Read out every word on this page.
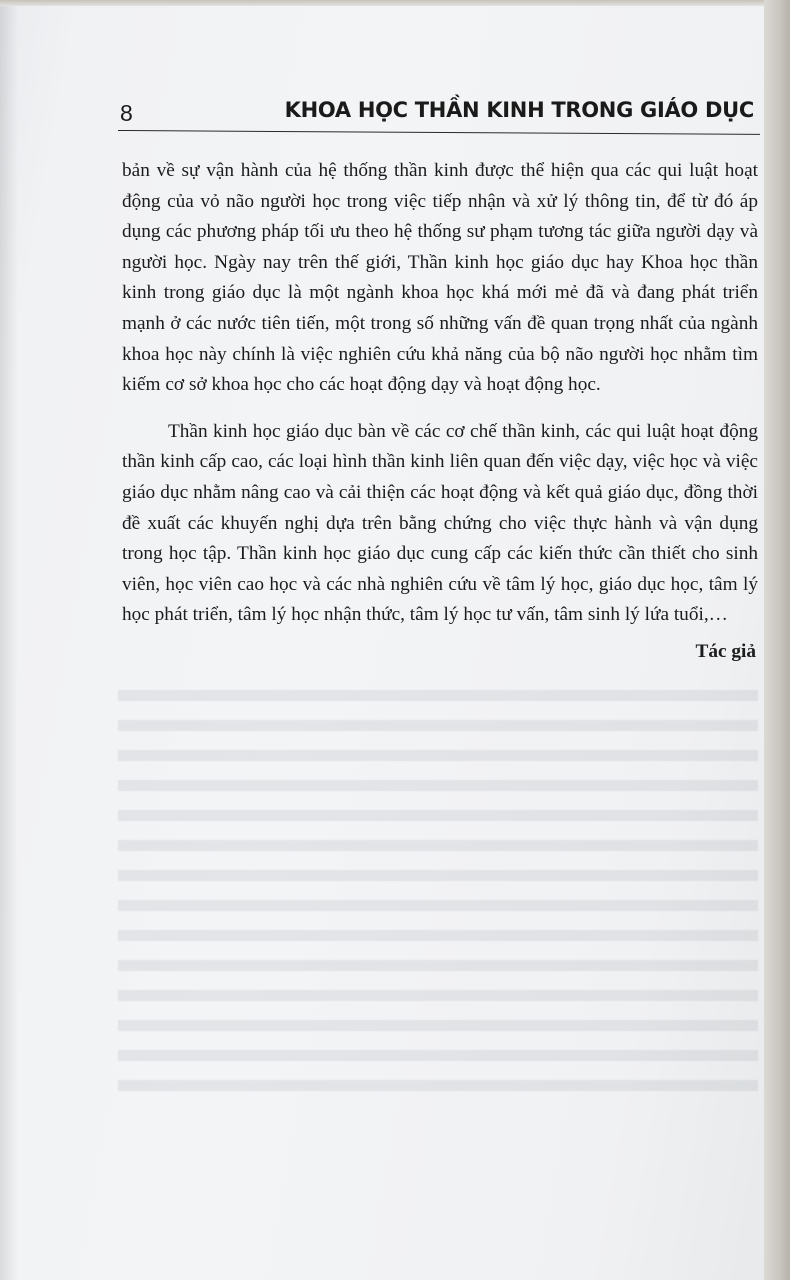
8	KHOA HỌC THẦN KINH TRONG GIÁO DỤC

bản về sự vận hành của hệ thống thần kinh được thể hiện qua các qui luật hoạt động của vỏ não người học trong việc tiếp nhận và xử lý thông tin, để từ đó áp dụng các phương pháp tối ưu theo hệ thống sư phạm tương tác giữa người dạy và người học. Ngày nay trên thế giới, Thần kinh học giáo dục hay Khoa học thần kinh trong giáo dục là một ngành khoa học khá mới mẻ đã và đang phát triển mạnh ở các nước tiên tiến, một trong số những vấn đề quan trọng nhất của ngành khoa học này chính là việc nghiên cứu khả năng của bộ não người học nhằm tìm kiếm cơ sở khoa học cho các hoạt động dạy và hoạt động học.

Thần kinh học giáo dục bàn về các cơ chế thần kinh, các qui luật hoạt động thần kinh cấp cao, các loại hình thần kinh liên quan đến việc dạy, việc học và việc giáo dục nhằm nâng cao và cải thiện các hoạt động và kết quả giáo dục, đồng thời đề xuất các khuyến nghị dựa trên bằng chứng cho việc thực hành và vận dụng trong học tập. Thần kinh học giáo dục cung cấp các kiến thức cần thiết cho sinh viên, học viên cao học và các nhà nghiên cứu về tâm lý học, giáo dục học, tâm lý học phát triển, tâm lý học nhận thức, tâm lý học tư vấn, tâm sinh lý lứa tuổi,…

Tác giả
